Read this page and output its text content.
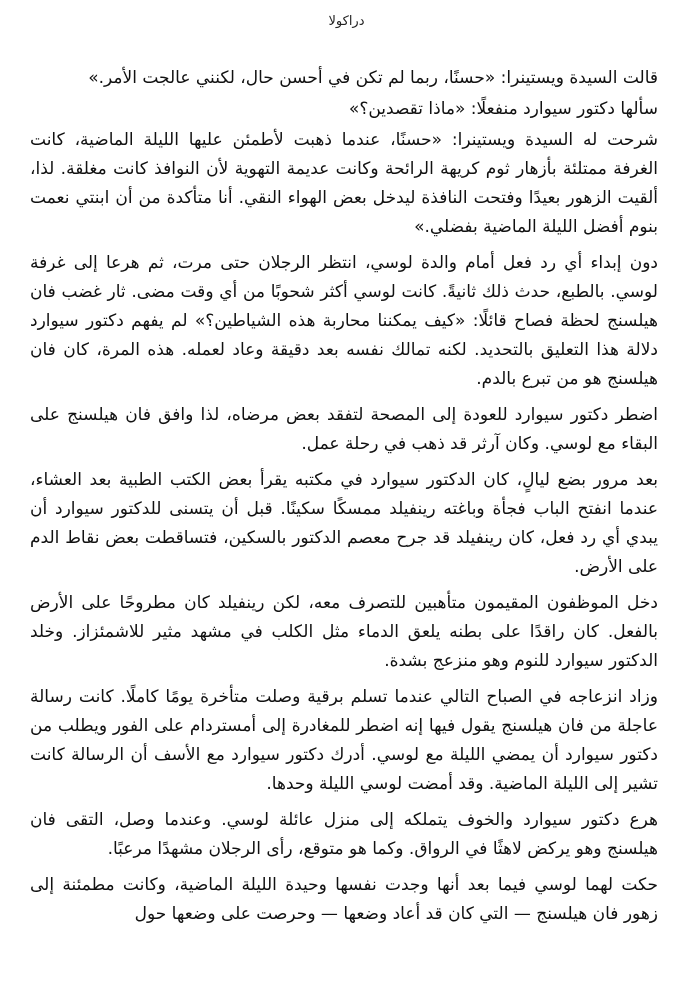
دراكولا

قالت السيدة ويستينرا: «حسنًا، ربما لم تكن في أحسن حال، لكنني عالجت الأمر.»

سألها دكتور سيوارد منفعلًا: «ماذا تقصدين؟»

شرحت له السيدة ويستينرا: «حسنًا، عندما ذهبت لأطمئن عليها الليلة الماضية، كانت الغرفة ممتلئة بأزهار ثوم كريهة الرائحة وكانت عديمة التهوية لأن النوافذ كانت مغلقة. لذا، ألقيت الزهور بعيدًا وفتحت النافذة ليدخل بعض الهواء النقي. أنا متأكدة من أن ابنتي نعمت بنوم أفضل الليلة الماضية بفضلي.»

دون إبداء أي رد فعل أمام والدة لوسي، انتظر الرجلان حتى مرت، ثم هرعا إلى غرفة لوسي. بالطبع، حدث ذلك ثانيةً. كانت لوسي أكثر شحوبًا من أي وقت مضى. ثار غضب فان هيلسنج لحظة فصاح قائلًا: «كيف يمكننا محاربة هذه الشياطين؟» لم يفهم دكتور سيوارد دلالة هذا التعليق بالتحديد. لكنه تمالك نفسه بعد دقيقة وعاد لعمله. هذه المرة، كان فان هيلسنج هو من تبرع بالدم.

اضطر دكتور سيوارد للعودة إلى المصحة لتفقد بعض مرضاه، لذا وافق فان هيلسنج على البقاء مع لوسي. وكان آرثر قد ذهب في رحلة عمل.

بعد مرور بضع ليالٍ، كان الدكتور سيوارد في مكتبه يقرأ بعض الكتب الطبية بعد العشاء، عندما انفتح الباب فجأة وباغته رينفيلد ممسكًا سكينًا. قبل أن يتسنى للدكتور سيوارد أن يبدي أي رد فعل، كان رينفيلد قد جرح معصم الدكتور بالسكين، فتساقطت بعض نقاط الدم على الأرض.

دخل الموظفون المقيمون متأهبين للتصرف معه، لكن رينفيلد كان مطروحًا على الأرض بالفعل. كان راقدًا على بطنه يلعق الدماء مثل الكلب في مشهد مثير للاشمئزاز. وخلد الدكتور سيوارد للنوم وهو منزعج بشدة.

وزاد انزعاجه في الصباح التالي عندما تسلم برقية وصلت متأخرة يومًا كاملًا. كانت رسالة عاجلة من فان هيلسنج يقول فيها إنه اضطر للمغادرة إلى أمستردام على الفور ويطلب من دكتور سيوارد أن يمضي الليلة مع لوسي. أدرك دكتور سيوارد مع الأسف أن الرسالة كانت تشير إلى الليلة الماضية. وقد أمضت لوسي الليلة وحدها.

هرع دكتور سيوارد والخوف يتملكه إلى منزل عائلة لوسي. وعندما وصل، التقى فان هيلسنج وهو يركض لاهثًا في الرواق. وكما هو متوقع، رأى الرجلان مشهدًا مرعبًا.

حكت لهما لوسي فيما بعد أنها وجدت نفسها وحيدة الليلة الماضية، وكانت مطمئنة إلى زهور فان هيلسنج — التي كان قد أعاد وضعها — وحرصت على وضعها حول
